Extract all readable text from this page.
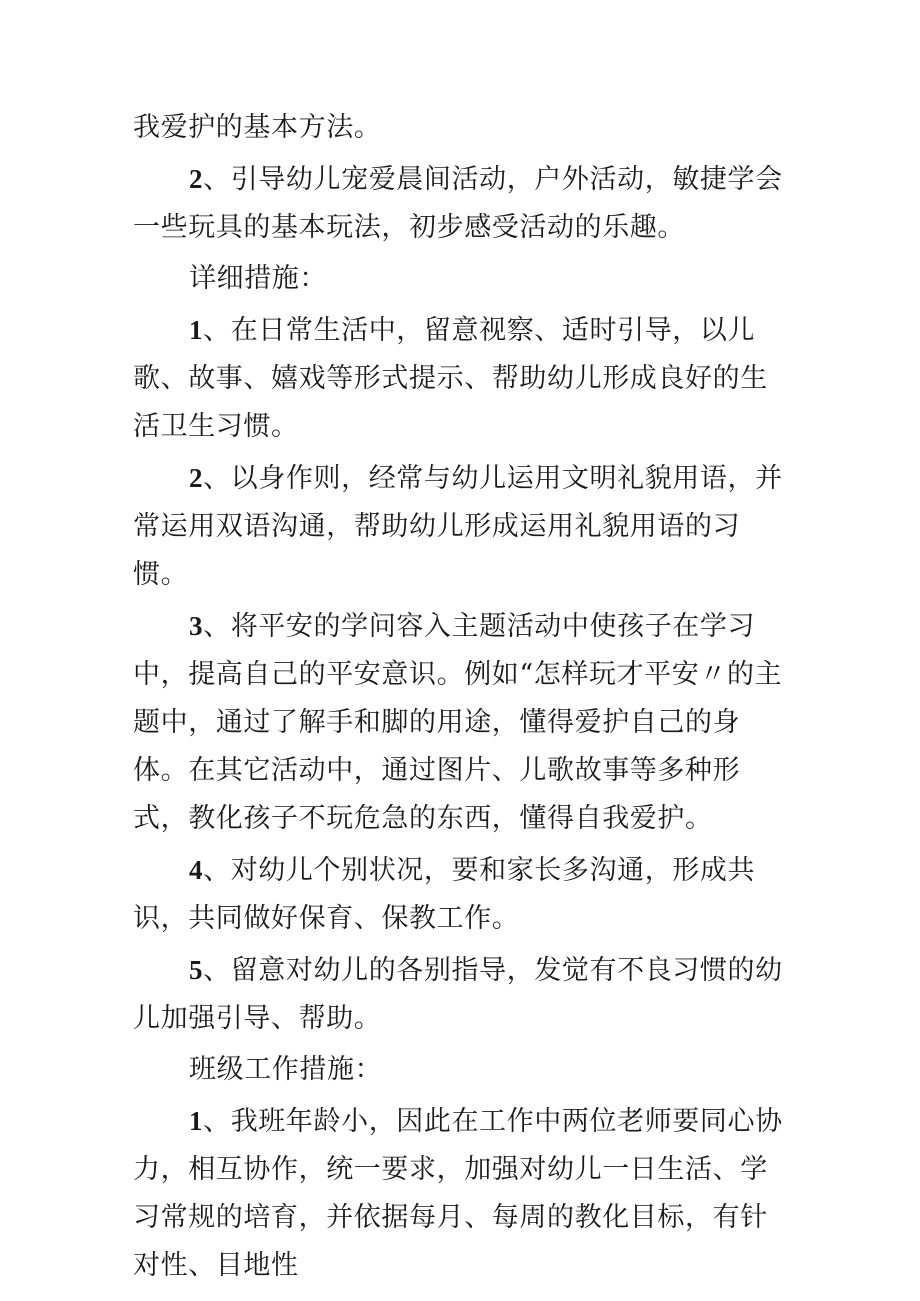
我爱护的基本方法。

2、引导幼儿宠爱晨间活动，户外活动，敏捷学会一些玩具的基本玩法，初步感受活动的乐趣。

详细措施：

1、在日常生活中，留意视察、适时引导，以儿歌、故事、嬉戏等形式提示、帮助幼儿形成良好的生活卫生习惯。

2、以身作则，经常与幼儿运用文明礼貌用语，并常运用双语沟通，帮助幼儿形成运用礼貌用语的习惯。

3、将平安的学问容入主题活动中使孩子在学习中，提高自己的平安意识。例如“怎样玩才平安〃的主题中，通过了解手和脚的用途，懂得爱护自己的身体。在其它活动中，通过图片、儿歌故事等多种形式，教化孩子不玩危急的东西，懂得自我爱护。

4、对幼儿个别状况，要和家长多沟通，形成共识，共同做好保育、保教工作。

5、留意对幼儿的各别指导，发觉有不良习惯的幼儿加强引导、帮助。

班级工作措施：

1、我班年龄小，因此在工作中两位老师要同心协力，相互协作，统一要求，加强对幼儿一日生活、学习常规的培育，并依据每月、每周的教化目标，有针对性、目地性
